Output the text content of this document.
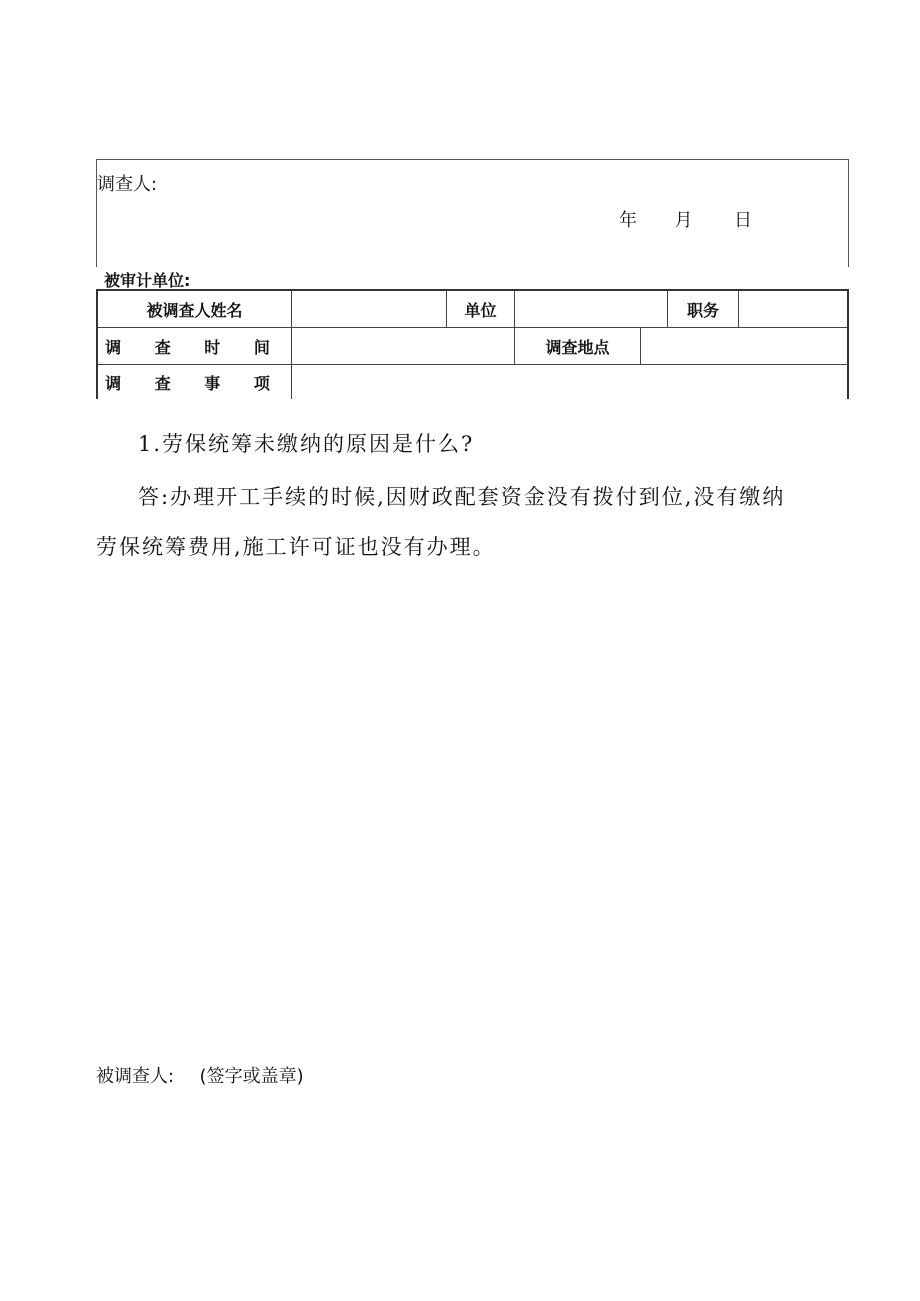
调查人:
年 月 日
被审计单位:
被调查人姓名	单位	职务
调 查 时 间	调查地点
调 查 事 项
1.劳保统筹未缴纳的原因是什么?
答:办理开工手续的时候,因财政配套资金没有拨付到位,没有缴纳
劳保统筹费用,施工许可证也没有办理。
被调查人: (签字或盖章)
